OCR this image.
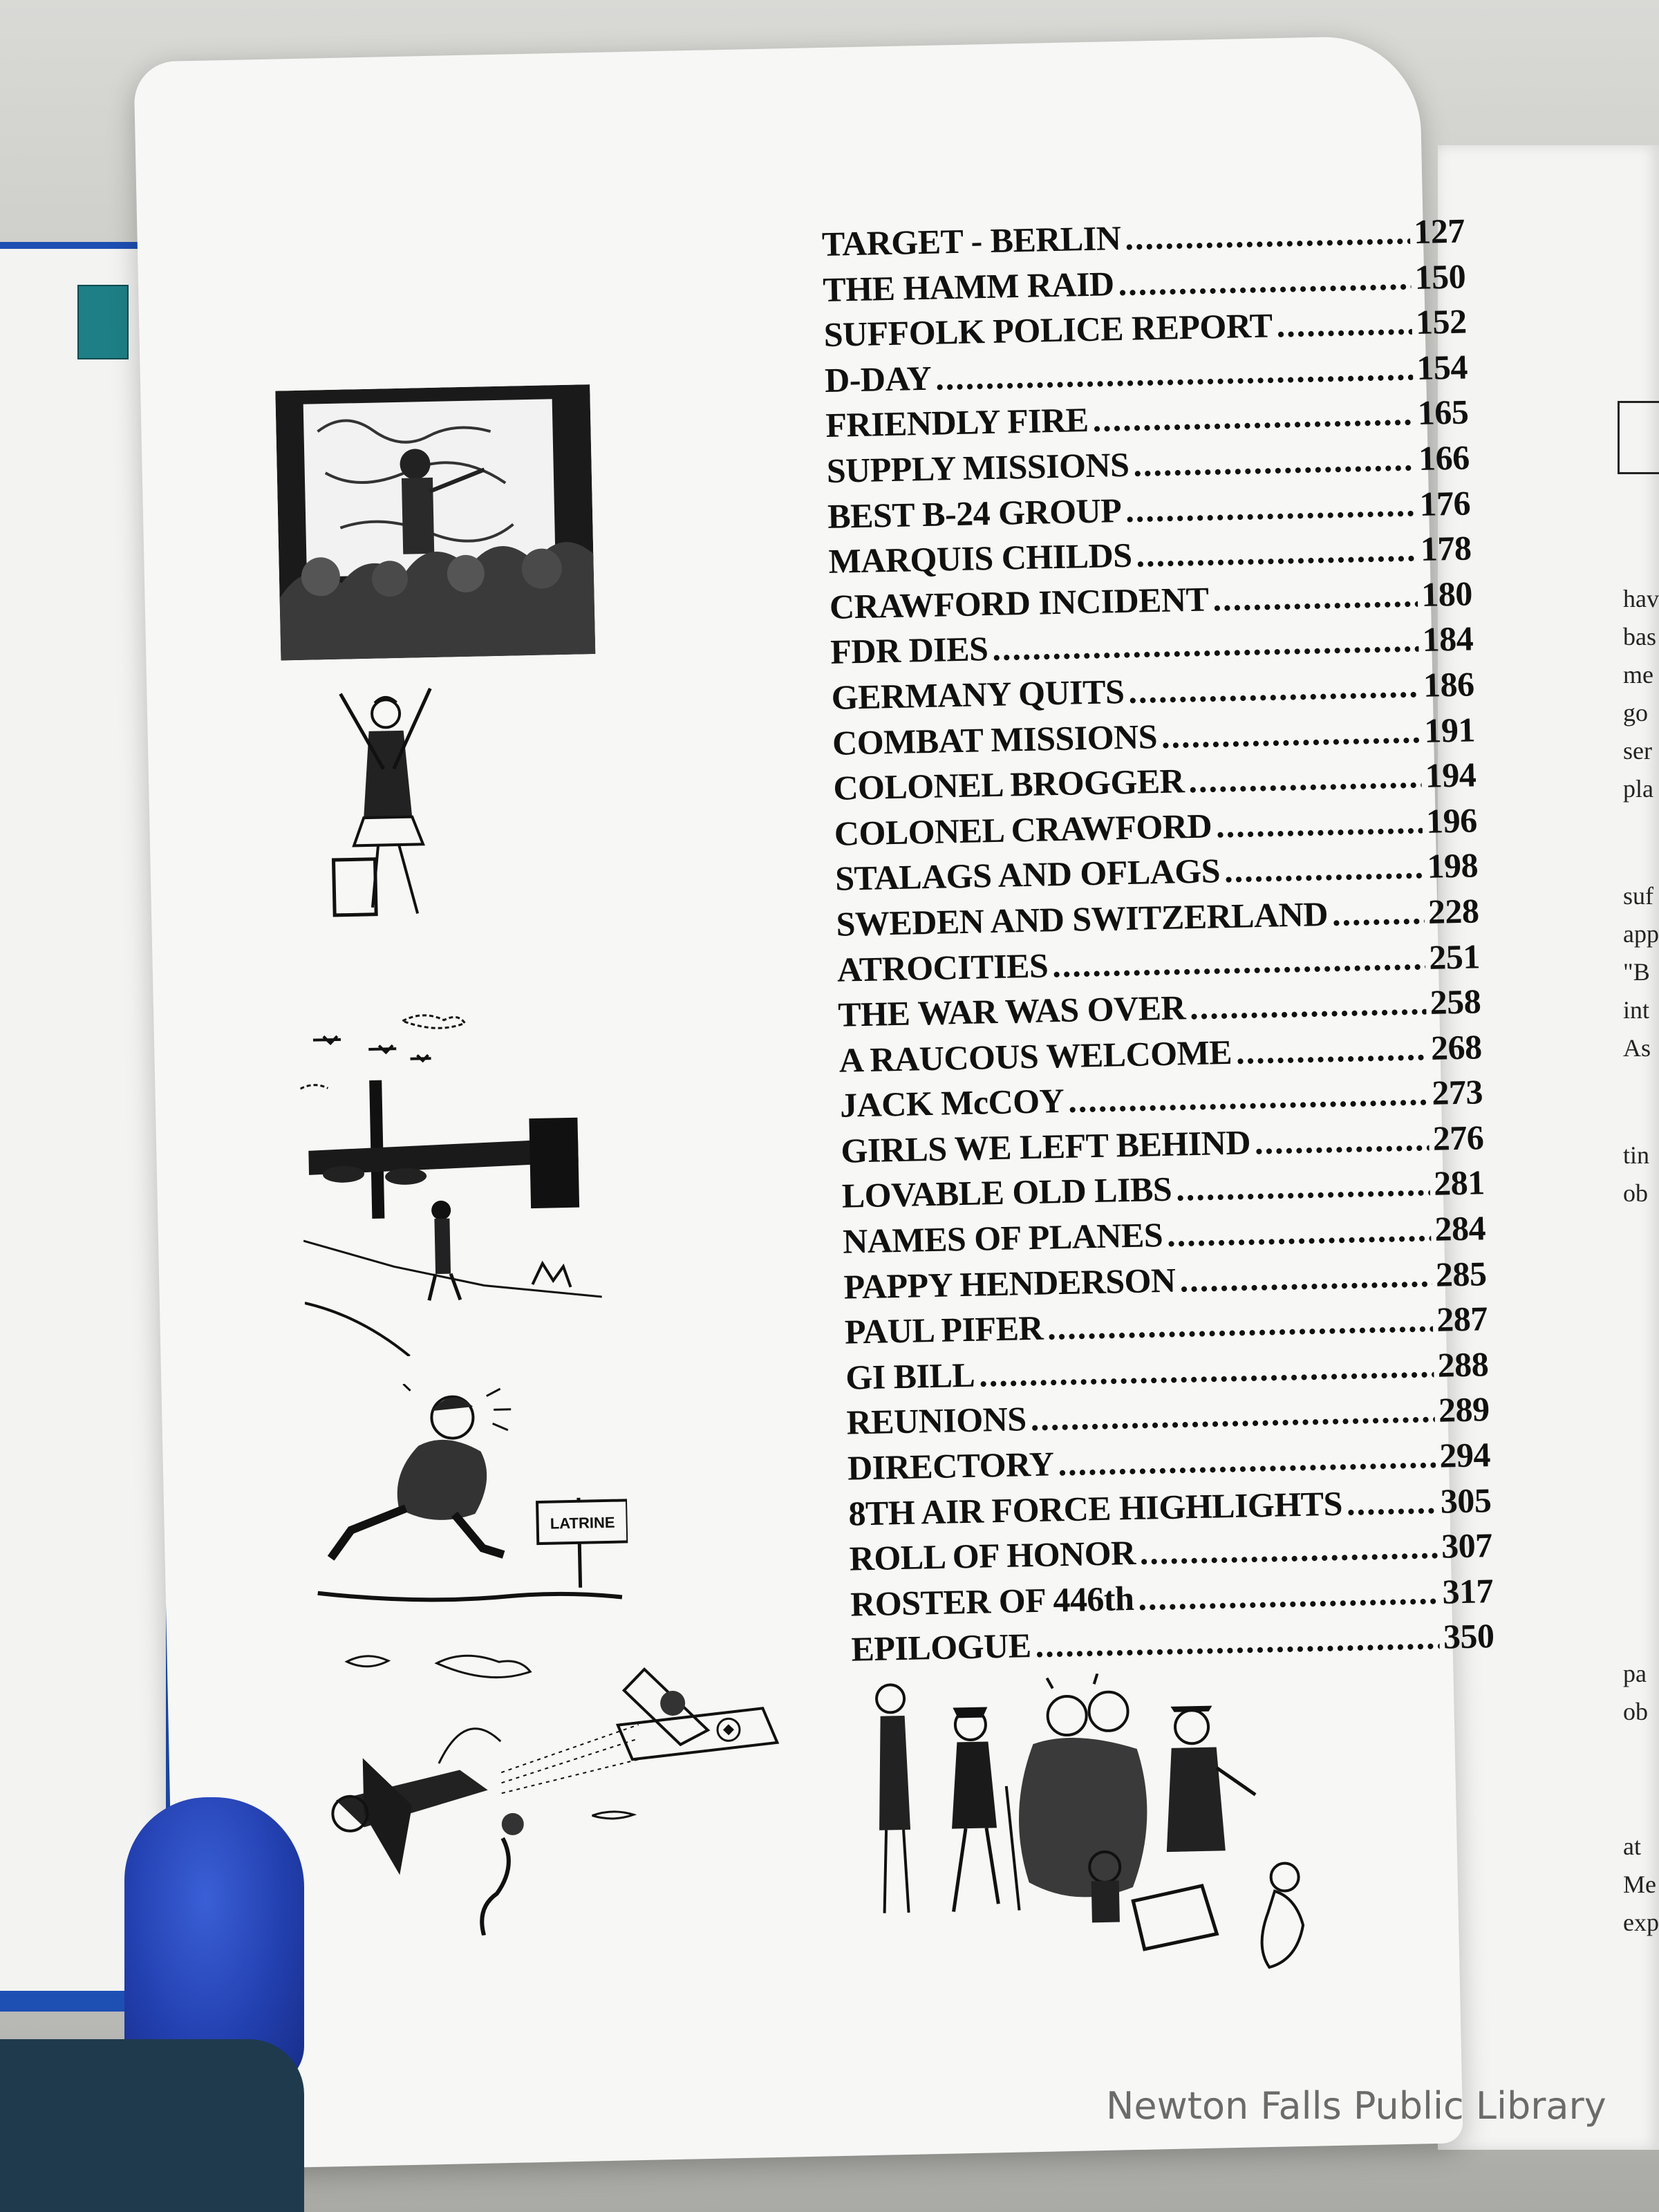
hav
bas
me
go
ser
pla
suf
app
"B
int
As
tin
ob
pa
ob
at
Me
exp
TARGET - BERLIN .....	127
THE HAMM RAID .....	150
SUFFOLK POLICE REPORT .....	152
D-DAY .....	154
FRIENDLY FIRE .....	165
SUPPLY MISSIONS .....	166
BEST B-24 GROUP .....	176
MARQUIS CHILDS .....	178
CRAWFORD INCIDENT .....	180
FDR DIES .....	184
GERMANY QUITS .....	186
COMBAT MISSIONS .....	191
COLONEL BROGGER .....	194
COLONEL CRAWFORD .....	196
STALAGS AND OFLAGS .....	198
SWEDEN AND SWITZERLAND .....	228
ATROCITIES .....	251
THE WAR WAS OVER .....	258
A RAUCOUS WELCOME .....	268
JACK McCOY .....	273
GIRLS WE LEFT BEHIND .....	276
LOVABLE OLD LIBS .....	281
NAMES OF PLANES .....	284
PAPPY HENDERSON .....	285
PAUL PIFER .....	287
GI BILL .....	288
REUNIONS .....	289
DIRECTORY .....	294
8TH AIR FORCE HIGHLIGHTS .....	305
ROLL OF HONOR .....	307
ROSTER OF 446th .....	317
EPILOGUE .....	350
LATRINE
Newton Falls Public Library
